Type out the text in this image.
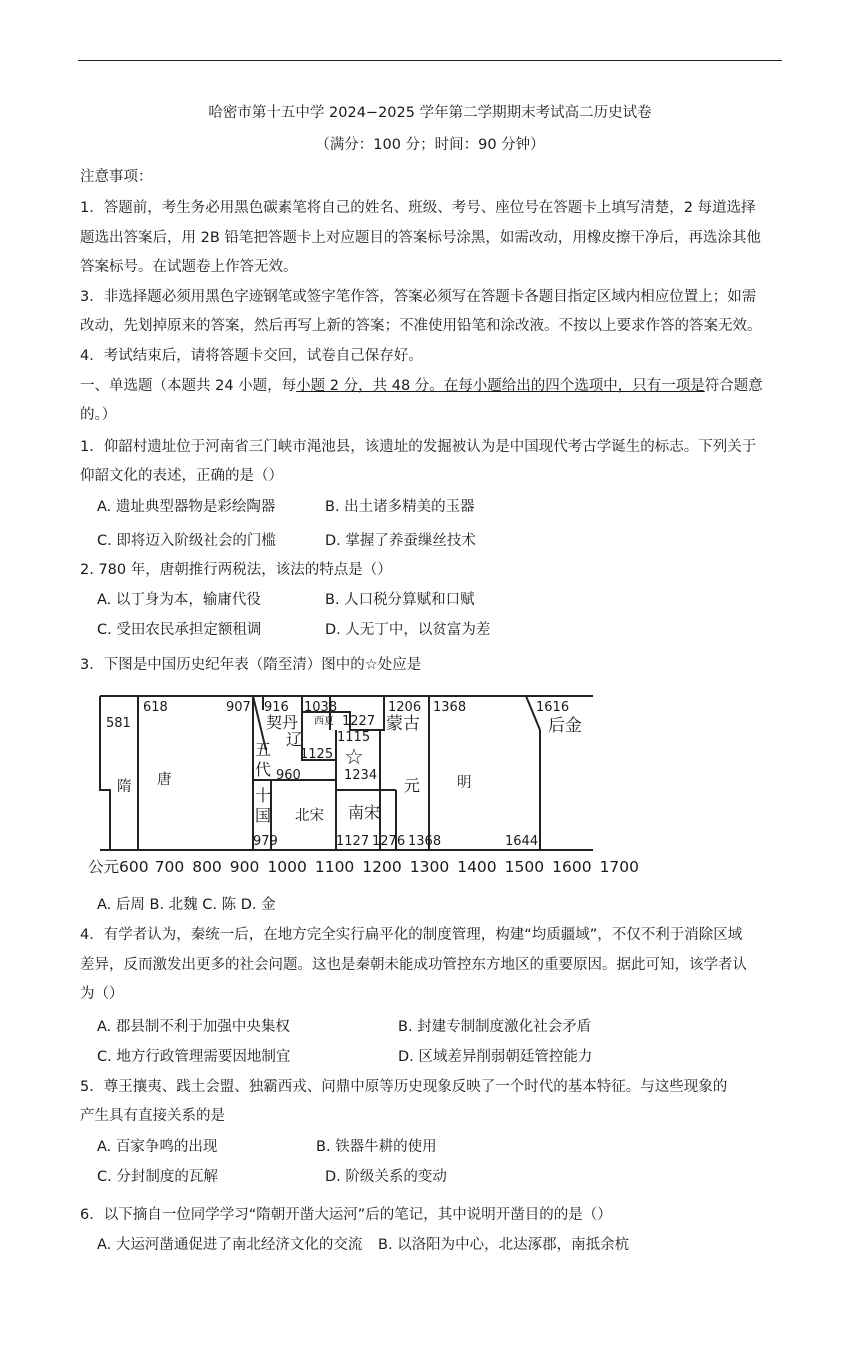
哈密市第十五中学 2024−2025 学年第二学期期末考试高二历史试卷
（满分：100 分；时间：90 分钟）
注意事项：
1．答题前，考生务必用黑色碳素笔将自己的姓名、班级、考号、座位号在答题卡上填写清楚，2 每道选择
题选出答案后，用 2B 铅笔把答题卡上对应题目的答案标号涂黑，如需改动，用橡皮擦干净后，再选涂其他
答案标号。在试题卷上作答无效。
3．非选择题必须用黑色字迹钢笔或签字笔作答，答案必须写在答题卡各题目指定区域内相应位置上；如需
改动，先划掉原来的答案，然后再写上新的答案；不准使用铅笔和涂改液。不按以上要求作答的答案无效。
4．考试结束后，请将答题卡交回，试卷自己保存好。
一、单选题（本题共 24 小题，每小题 2 分，共 48 分。在每小题给出的四个选项中，只有一项是符合题意
的。）
1．仰韶村遗址位于河南省三门峡市渑池县，该遗址的发掘被认为是中国现代考古学诞生的标志。下列关于
仰韶文化的表述，正确的是（）
A. 遗址典型器物是彩绘陶器	B. 出土诸多精美的玉器
C. 即将迈入阶级社会的门槛	D. 掌握了养蚕缫丝技术
2. 780 年，唐朝推行两税法，该法的特点是（）
A. 以丁身为本，输庸代役	B. 人口税分算赋和口赋
C. 受田农民承担定额租调	D. 人无丁中，以贫富为差
3．下图是中国历史纪年表（隋至清）图中的☆处应是
☆
581
618	907 916 1038
1227
1206 1368	1616
1115
1125
960	1234
979	1127 1276 1368	1644
隋 唐
契丹
辽
西夏	蒙古
元	明
后金
五代
十国 北宋 南宋
公元600 700 800 900 1000 1100 1200 1300 1400 1500 1600 1700
A. 后周 B. 北魏 C. 陈 D. 金
4．有学者认为，秦统一后，在地方完全实行扁平化的制度管理，构建“均质疆域”，不仅不利于消除区域
差异，反而激发出更多的社会问题。这也是秦朝未能成功管控东方地区的重要原因。据此可知，该学者认
为（）
A. 郡县制不利于加强中央集权	B. 封建专制制度激化社会矛盾
C. 地方行政管理需要因地制宜	D. 区域差异削弱朝廷管控能力
5．尊王攘夷、践土会盟、独霸西戎、问鼎中原等历史现象反映了一个时代的基本特征。与这些现象的
产生具有直接关系的是
A. 百家争鸣的出现	B. 铁器牛耕的使用
C. 分封制度的瓦解	D. 阶级关系的变动
6．以下摘自一位同学学习“隋朝开凿大运河”后的笔记，其中说明开凿目的的是（）
A. 大运河凿通促进了南北经济文化的交流 B. 以洛阳为中心，北达涿郡，南抵余杭
